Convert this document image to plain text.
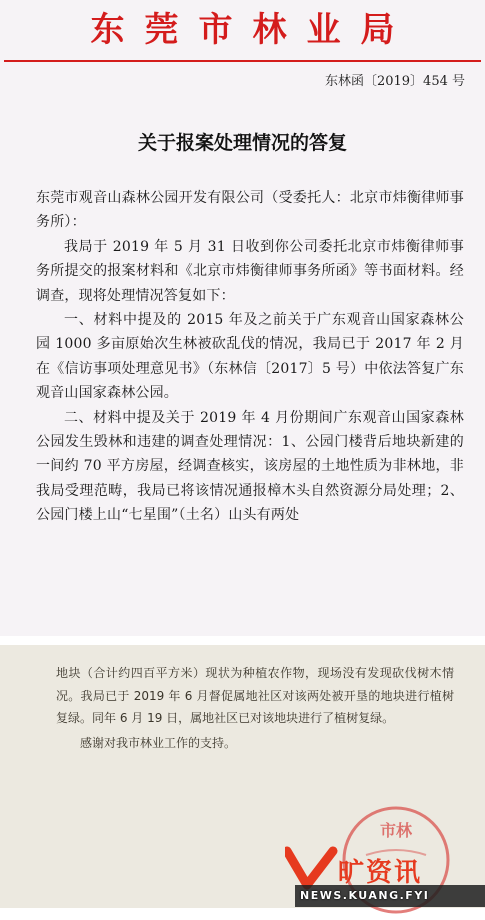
东莞市林业局
东林函〔2019〕454 号
关于报案处理情况的答复

东莞市观音山森林公园开发有限公司（受委托人：北京市炜衡律师事务所）：

我局于 2019 年 5 月 31 日收到你公司委托北京市炜衡律师事务所提交的报案材料和《北京市炜衡律师事务所函》等书面材料。经调查，现将处理情况答复如下：

一、材料中提及的 2015 年及之前关于广东观音山国家森林公园 1000 多亩原始次生林被砍乱伐的情况，我局已于 2017 年 2 月在《信访事项处理意见书》（东林信〔2017〕5 号）中依法答复广东观音山国家森林公园。

二、材料中提及关于 2019 年 4 月份期间广东观音山国家森林公园发生毁林和违建的调查处理情况：1、公园门楼背后地块新建的一间约 70 平方房屋，经调查核实，该房屋的土地性质为非林地，非我局受理范畴，我局已将该情况通报樟木头自然资源分局处理；2、公园门楼上山“七星围”（土名）山头有两处

地块（合计约四百平方米）现状为种植农作物，现场没有发现砍伐树木情况。我局已于 2019 年 6 月督促属地社区对该两处被开垦的地块进行植树复绿。同年 6 月 19 日，属地社区已对该地块进行了植树复绿。

感谢对我市林业工作的支持。

市林
旷资讯
NEWS.KUANG.FYI
